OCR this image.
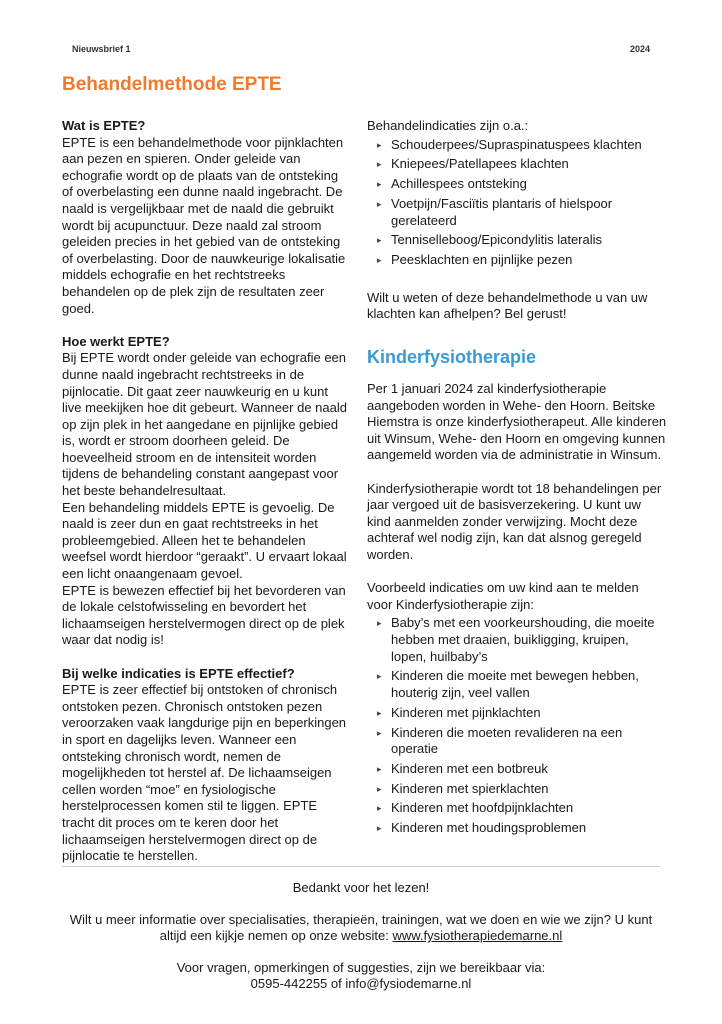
Nieuwsbrief 1	2024
Behandelmethode EPTE
Wat is EPTE?

EPTE is een behandelmethode voor pijnklachten aan pezen en spieren. Onder geleide van echografie wordt op de plaats van de ontsteking of overbelasting een dunne naald ingebracht. De naald is vergelijkbaar met de naald die gebruikt wordt bij acupunctuur. Deze naald zal stroom geleiden precies in het gebied van de ontsteking of overbelasting. Door de nauwkeurige lokalisatie middels echografie en het rechtstreeks behandelen op de plek zijn de resultaten zeer goed.

Hoe werkt EPTE?

Bij EPTE wordt onder geleide van echografie een dunne naald ingebracht rechtstreeks in de pijnlocatie. Dit gaat zeer nauwkeurig en u kunt live meekijken hoe dit gebeurt. Wanneer de naald op zijn plek in het aangedane en pijnlijke gebied is, wordt er stroom doorheen geleid. De hoeveelheid stroom en de intensiteit worden tijdens de behandeling constant aangepast voor het beste behandelresultaat.

Een behandeling middels EPTE is gevoelig. De naald is zeer dun en gaat rechtstreeks in het probleemgebied. Alleen het te behandelen weefsel wordt hierdoor “geraakt”. U ervaart lokaal een licht onaangenaam gevoel.

EPTE is bewezen effectief bij het bevorderen van de lokale celstofwisseling en bevordert het lichaamseigen herstelvermogen direct op de plek waar dat nodig is!

Bij welke indicaties is EPTE effectief?

EPTE is zeer effectief bij ontstoken of chronisch ontstoken pezen. Chronisch ontstoken pezen veroorzaken vaak langdurige pijn en beperkingen in sport en dagelijks leven. Wanneer een ontsteking chronisch wordt, nemen de mogelijkheden tot herstel af. De lichaamseigen cellen worden “moe” en fysiologische herstelprocessen komen stil te liggen. EPTE tracht dit proces om te keren door het lichaamseigen herstelvermogen direct op de pijnlocatie te herstellen.

Behandelindicaties zijn o.a.:

▸ Schouderpees/Supraspinatuspees klachten
▸ Kniepees/Patellapees klachten
▸ Achillespees ontsteking
▸ Voetpijn/Fasciïtis plantaris of hielspoor gerelateerd
▸ Tenniselleboog/Epicondylitis lateralis
▸ Peesklachten en pijnlijke pezen

Wilt u weten of deze behandelmethode u van uw klachten kan afhelpen? Bel gerust!

Kinderfysiotherapie

Per 1 januari 2024 zal kinderfysiotherapie aangeboden worden in Wehe- den Hoorn. Beitske Hiemstra is onze kinderfysiotherapeut. Alle kinderen uit Winsum, Wehe- den Hoorn en omgeving kunnen aangemeld worden via de administratie in Winsum.

Kinderfysiotherapie wordt tot 18 behandelingen per jaar vergoed uit de basisverzekering. U kunt uw kind aanmelden zonder verwijzing. Mocht deze achteraf wel nodig zijn, kan dat alsnog geregeld worden.

Voorbeeld indicaties om uw kind aan te melden voor Kinderfysiotherapie zijn:

▸ Baby’s met een voorkeurshouding, die moeite hebben met draaien, buikligging, kruipen, lopen, huilbaby’s
▸ Kinderen die moeite met bewegen hebben, houterig zijn, veel vallen
▸ Kinderen met pijnklachten
▸ Kinderen die moeten revalideren na een operatie
▸ Kinderen met een botbreuk
▸ Kinderen met spierklachten
▸ Kinderen met hoofdpijnklachten
▸ Kinderen met houdingsproblemen

Bedankt voor het lezen!

Wilt u meer informatie over specialisaties, therapieën, trainingen, wat we doen en wie we zijn? U kunt altijd een kijkje nemen op onze website: www.fysiotherapiedemarne.nl

Voor vragen, opmerkingen of suggesties, zijn we bereikbaar via:

0595-442255 of info@fysiodemarne.nl
